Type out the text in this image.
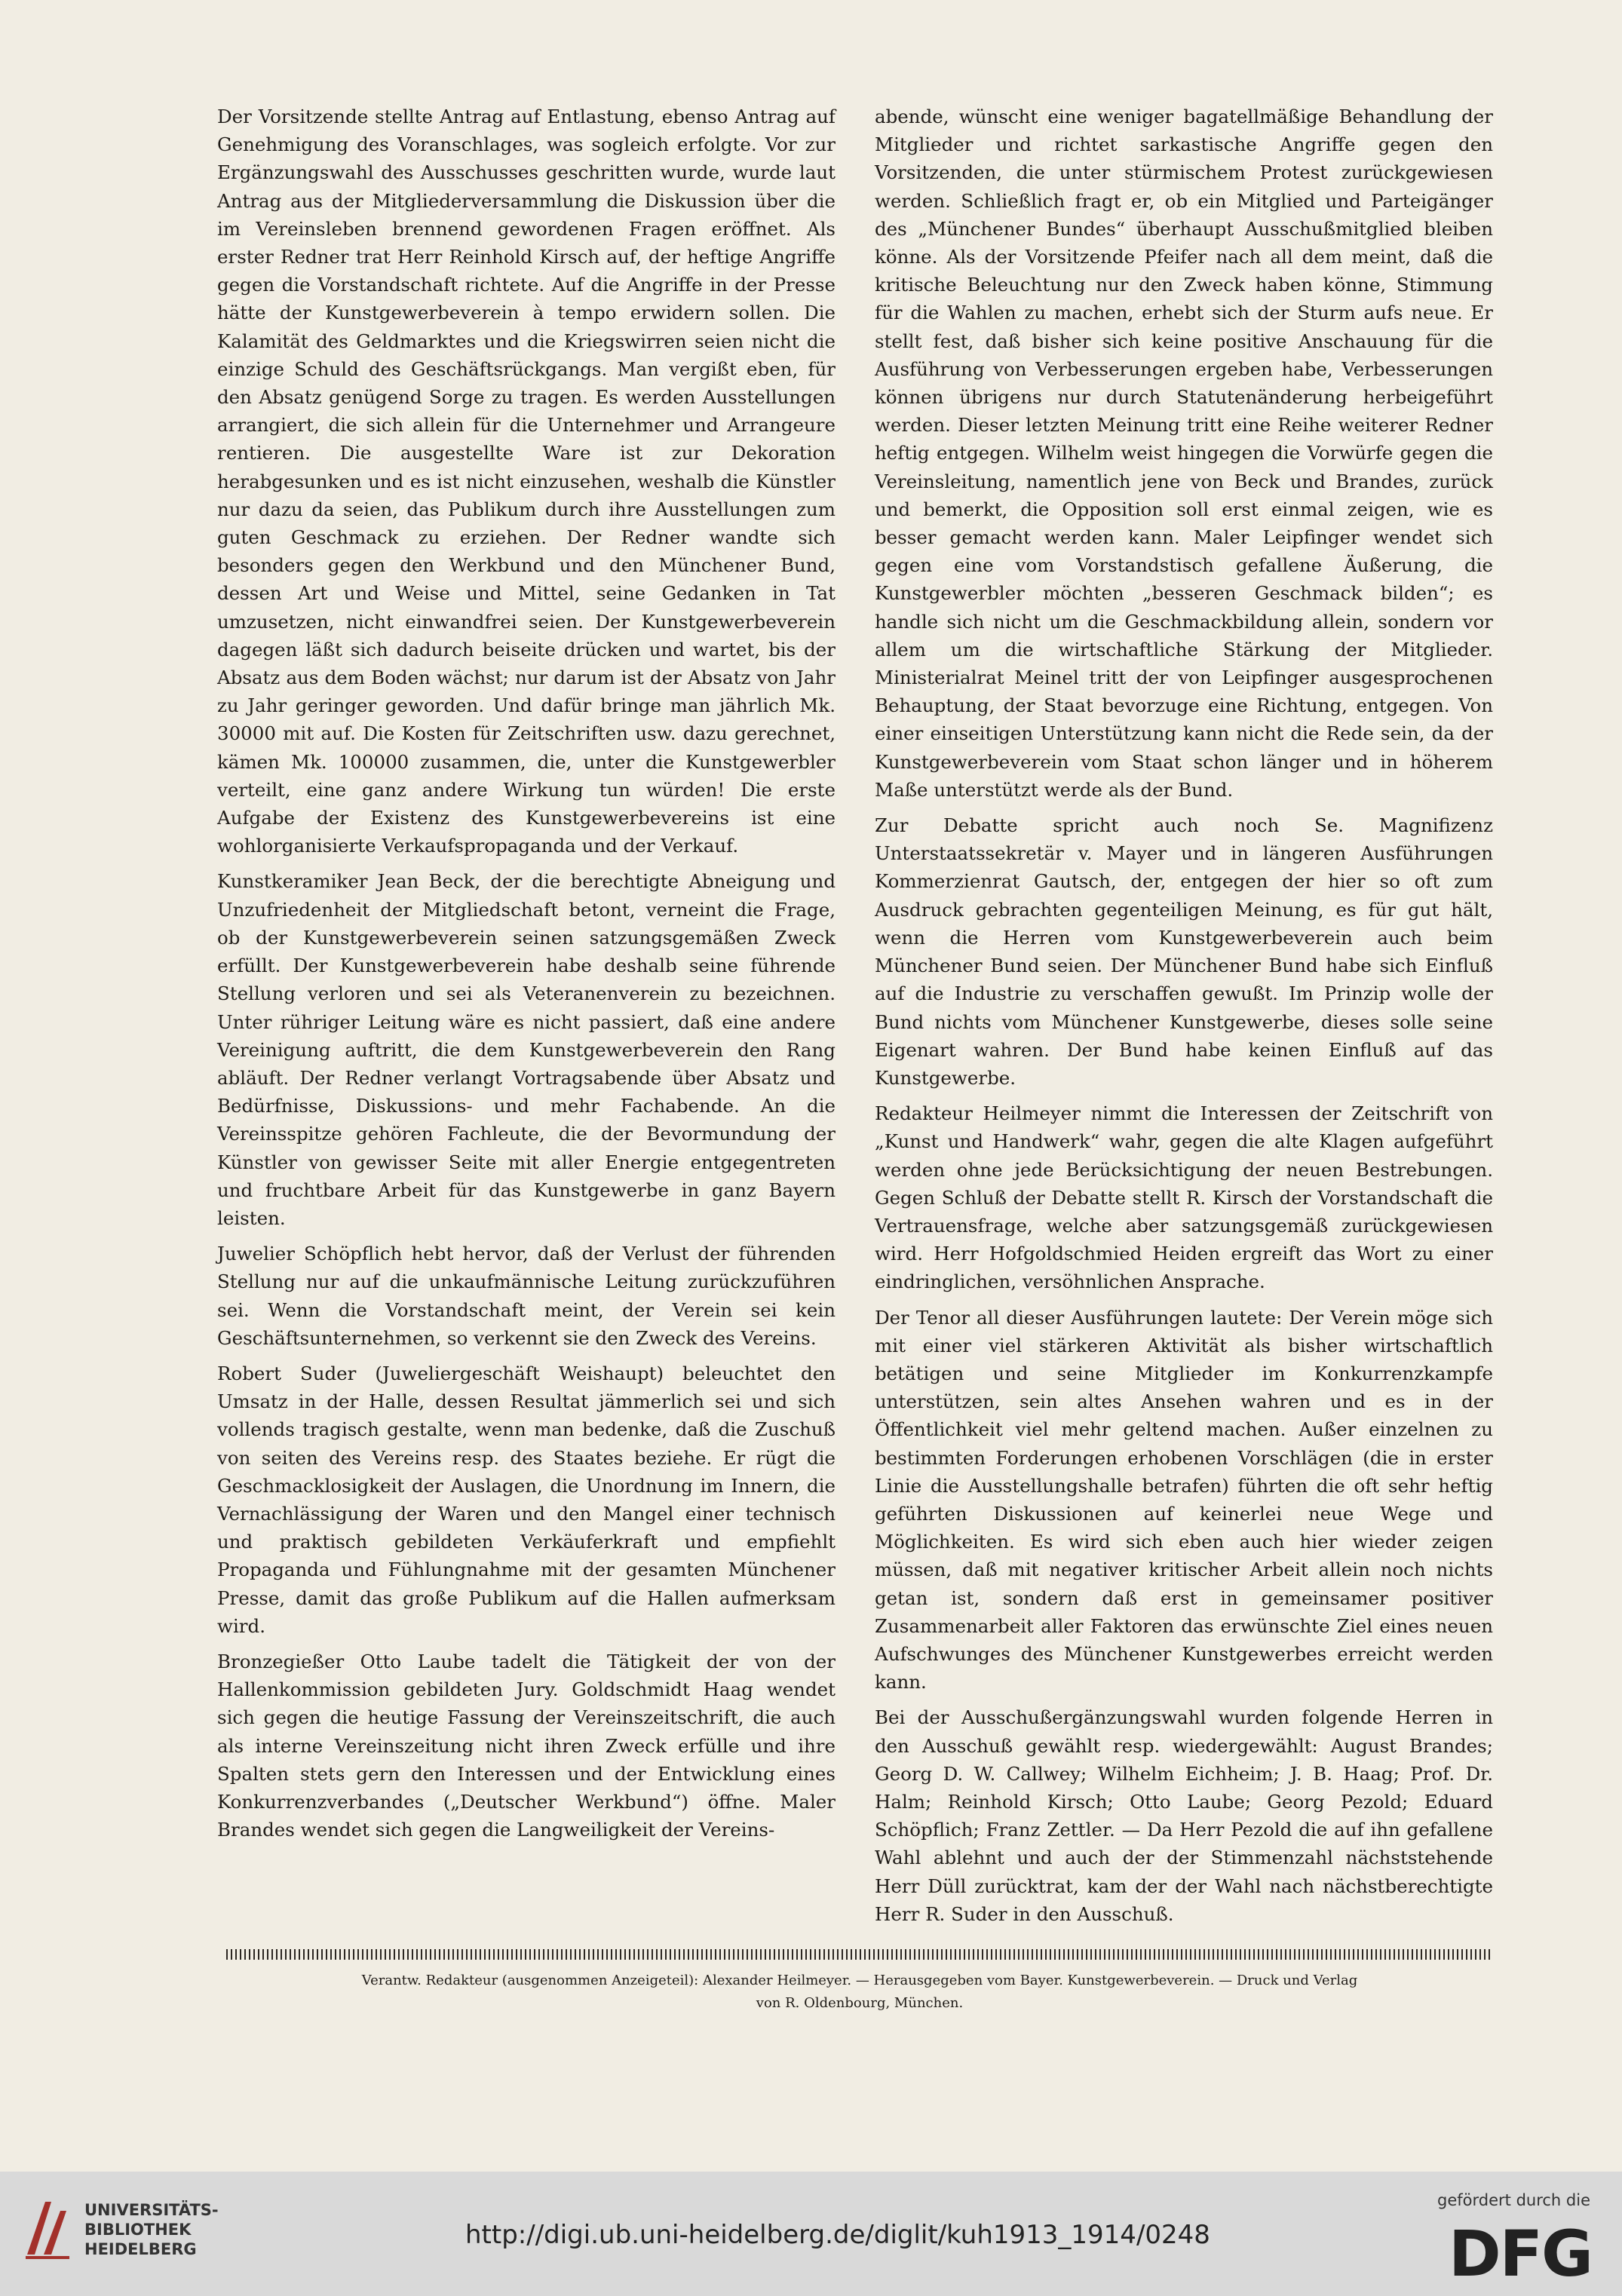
Der Vorsitzende stellte Antrag auf Entlastung, ebenso Antrag auf Genehmigung des Voranschlages, was sogleich erfolgte. Vor zur Ergänzungswahl des Ausschusses geschritten wurde, wurde laut Antrag aus der Mitgliederversammlung die Diskussion über die im Vereinsleben brennend gewordenen Fragen eröffnet. Als erster Redner trat Herr Reinhold Kirsch auf, der heftige Angriffe gegen die Vorstandschaft richtete. Auf die Angriffe in der Presse hätte der Kunstgewerbeverein à tempo erwidern sollen. Die Kalamität des Geldmarktes und die Kriegswirren seien nicht die einzige Schuld des Geschäftsrückgangs. Man vergißt eben, für den Absatz genügend Sorge zu tragen. Es werden Ausstellungen arrangiert, die sich allein für die Unternehmer und Arrangeure rentieren. Die ausgestellte Ware ist zur Dekoration herabgesunken und es ist nicht einzusehen, weshalb die Künstler nur dazu da seien, das Publikum durch ihre Ausstellungen zum guten Geschmack zu erziehen. Der Redner wandte sich besonders gegen den Werkbund und den Münchener Bund, dessen Art und Weise und Mittel, seine Gedanken in Tat umzusetzen, nicht einwandfrei seien. Der Kunstgewerbeverein dagegen läßt sich dadurch beiseite drücken und wartet, bis der Absatz aus dem Boden wächst; nur darum ist der Absatz von Jahr zu Jahr geringer geworden. Und dafür bringe man jährlich Mk. 30000 mit auf. Die Kosten für Zeitschriften usw. dazu gerechnet, kämen Mk. 100000 zusammen, die, unter die Kunstgewerbler verteilt, eine ganz andere Wirkung tun würden! Die erste Aufgabe der Existenz des Kunstgewerbevereins ist eine wohlorganisierte Verkaufspropaganda und der Verkauf.

Kunstkeramiker Jean Beck, der die berechtigte Abneigung und Unzufriedenheit der Mitgliedschaft betont, verneint die Frage, ob der Kunstgewerbeverein seinen satzungsgemäßen Zweck erfüllt. Der Kunstgewerbeverein habe deshalb seine führende Stellung verloren und sei als Veteranenverein zu bezeichnen. Unter rühriger Leitung wäre es nicht passiert, daß eine andere Vereinigung auftritt, die dem Kunstgewerbeverein den Rang abläuft. Der Redner verlangt Vortragsabende über Absatz und Bedürfnisse, Diskussions- und mehr Fachabende. An die Vereinsspitze gehören Fachleute, die der Bevormundung der Künstler von gewisser Seite mit aller Energie entgegentreten und fruchtbare Arbeit für das Kunstgewerbe in ganz Bayern leisten.

Juwelier Schöpflich hebt hervor, daß der Verlust der führenden Stellung nur auf die unkaufmännische Leitung zurückzuführen sei. Wenn die Vorstandschaft meint, der Verein sei kein Geschäftsunternehmen, so verkennt sie den Zweck des Vereins.

Robert Suder (Juweliergeschäft Weishaupt) beleuchtet den Umsatz in der Halle, dessen Resultat jämmerlich sei und sich vollends tragisch gestalte, wenn man bedenke, daß die Zuschuß von seiten des Vereins resp. des Staates beziehe. Er rügt die Geschmacklosigkeit der Auslagen, die Unordnung im Innern, die Vernachlässigung der Waren und den Mangel einer technisch und praktisch gebildeten Verkäuferkraft und empfiehlt Propaganda und Fühlungnahme mit der gesamten Münchener Presse, damit das große Publikum auf die Hallen aufmerksam wird.

Bronzegießer Otto Laube tadelt die Tätigkeit der von der Hallenkommission gebildeten Jury. Goldschmidt Haag wendet sich gegen die heutige Fassung der Vereinszeitschrift, die auch als interne Vereinszeitung nicht ihren Zweck erfülle und ihre Spalten stets gern den Interessen und der Entwicklung eines Konkurrenzverbandes („Deutscher Werkbund“) öffne. Maler Brandes wendet sich gegen die Langweiligkeit der Vereins-

abende, wünscht eine weniger bagatellmäßige Behandlung der Mitglieder und richtet sarkastische Angriffe gegen den Vorsitzenden, die unter stürmischem Protest zurückgewiesen werden. Schließlich fragt er, ob ein Mitglied und Parteigänger des „Münchener Bundes“ überhaupt Ausschußmitglied bleiben könne. Als der Vorsitzende Pfeifer nach all dem meint, daß die kritische Beleuchtung nur den Zweck haben könne, Stimmung für die Wahlen zu machen, erhebt sich der Sturm aufs neue. Er stellt fest, daß bisher sich keine positive Anschauung für die Ausführung von Verbesserungen ergeben habe, Verbesserungen können übrigens nur durch Statutenänderung herbeigeführt werden. Dieser letzten Meinung tritt eine Reihe weiterer Redner heftig entgegen. Wilhelm weist hingegen die Vorwürfe gegen die Vereinsleitung, namentlich jene von Beck und Brandes, zurück und bemerkt, die Opposition soll erst einmal zeigen, wie es besser gemacht werden kann. Maler Leipfinger wendet sich gegen eine vom Vorstandstisch gefallene Äußerung, die Kunstgewerbler möchten „besseren Geschmack bilden“; es handle sich nicht um die Geschmackbildung allein, sondern vor allem um die wirtschaftliche Stärkung der Mitglieder. Ministerialrat Meinel tritt der von Leipfinger ausgesprochenen Behauptung, der Staat bevorzuge eine Richtung, entgegen. Von einer einseitigen Unterstützung kann nicht die Rede sein, da der Kunstgewerbeverein vom Staat schon länger und in höherem Maße unterstützt werde als der Bund.

Zur Debatte spricht auch noch Se. Magnifizenz Unterstaatssekretär v. Mayer und in längeren Ausführungen Kommerzienrat Gautsch, der, entgegen der hier so oft zum Ausdruck gebrachten gegenteiligen Meinung, es für gut hält, wenn die Herren vom Kunstgewerbeverein auch beim Münchener Bund seien. Der Münchener Bund habe sich Einfluß auf die Industrie zu verschaffen gewußt. Im Prinzip wolle der Bund nichts vom Münchener Kunstgewerbe, dieses solle seine Eigenart wahren. Der Bund habe keinen Einfluß auf das Kunstgewerbe.

Redakteur Heilmeyer nimmt die Interessen der Zeitschrift von „Kunst und Handwerk“ wahr, gegen die alte Klagen aufgeführt werden ohne jede Berücksichtigung der neuen Bestrebungen. Gegen Schluß der Debatte stellt R. Kirsch der Vorstandschaft die Vertrauensfrage, welche aber satzungsgemäß zurückgewiesen wird. Herr Hofgoldschmied Heiden ergreift das Wort zu einer eindringlichen, versöhnlichen Ansprache.

Der Tenor all dieser Ausführungen lautete: Der Verein möge sich mit einer viel stärkeren Aktivität als bisher wirtschaftlich betätigen und seine Mitglieder im Konkurrenzkampfe unterstützen, sein altes Ansehen wahren und es in der Öffentlichkeit viel mehr geltend machen. Außer einzelnen zu bestimmten Forderungen erhobenen Vorschlägen (die in erster Linie die Ausstellungshalle betrafen) führten die oft sehr heftig geführten Diskussionen auf keinerlei neue Wege und Möglichkeiten. Es wird sich eben auch hier wieder zeigen müssen, daß mit negativer kritischer Arbeit allein noch nichts getan ist, sondern daß erst in gemeinsamer positiver Zusammenarbeit aller Faktoren das erwünschte Ziel eines neuen Aufschwunges des Münchener Kunstgewerbes erreicht werden kann.

Bei der Ausschußergänzungswahl wurden folgende Herren in den Ausschuß gewählt resp. wiedergewählt: August Brandes; Georg D. W. Callwey; Wilhelm Eichheim; J. B. Haag; Prof. Dr. Halm; Reinhold Kirsch; Otto Laube; Georg Pezold; Eduard Schöpflich; Franz Zettler. — Da Herr Pezold die auf ihn gefallene Wahl ablehnt und auch der der Stimmenzahl nächststehende Herr Düll zurücktrat, kam der der Wahl nach nächstberechtigte Herr R. Suder in den Ausschuß.

Verantw. Redakteur (ausgenommen Anzeigeteil): Alexander Heilmeyer. — Herausgegeben vom Bayer. Kunstgewerbeverein. — Druck und Verlag
von R. Oldenbourg, München.
UNIVERSITÄTS-
BIBLIOTHEK
HEIDELBERG	http://digi.ub.uni-heidelberg.de/diglit/kuh1913_1914/0248
gefördert durch die
DFG
